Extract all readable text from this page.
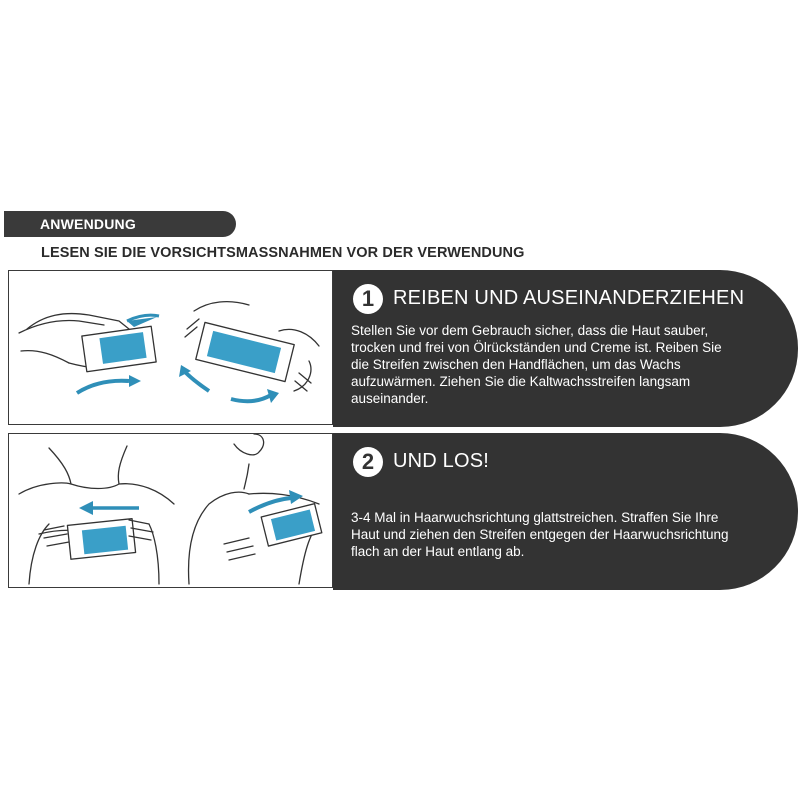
ANWENDUNG
LESEN SIE DIE VORSICHTSMASSNAHMEN VOR DER VERWENDUNG
1 REIBEN UND AUSEINANDERZIEHEN
Stellen Sie vor dem Gebrauch sicher, dass die Haut sauber,
trocken und frei von Ölrückständen und Creme ist. Reiben Sie
die Streifen zwischen den Handflächen, um das Wachs
aufzuwärmen. Ziehen Sie die Kaltwachsstreifen langsam
auseinander.
2 UND LOS!
3-4 Mal in Haarwuchsrichtung glattstreichen. Straffen Sie Ihre
Haut und ziehen den Streifen entgegen der Haarwuchsrichtung
flach an der Haut entlang ab.
